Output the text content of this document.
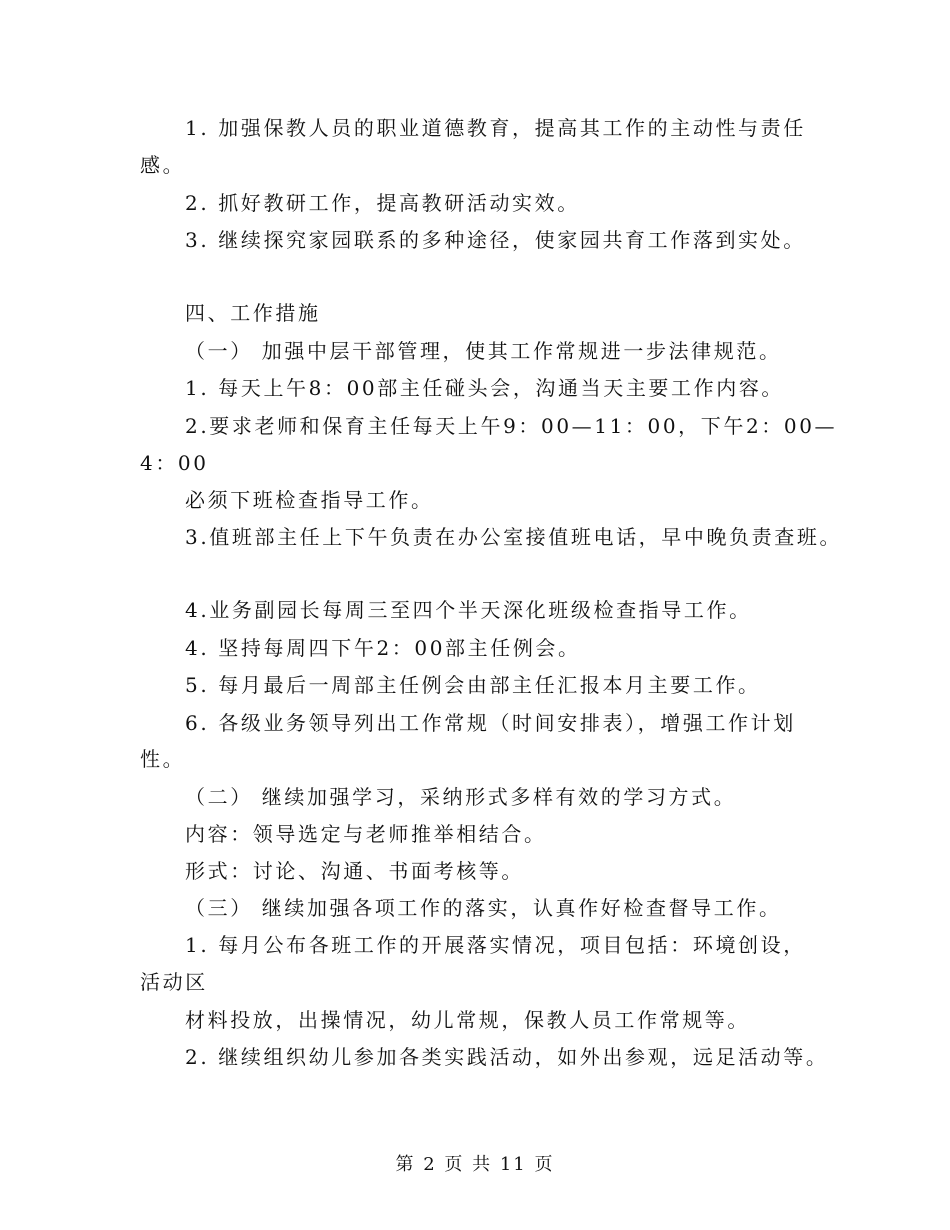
1. 加强保教人员的职业道德教育，提高其工作的主动性与责任
感。
2. 抓好教研工作，提高教研活动实效。
3. 继续探究家园联系的多种途径，使家园共育工作落到实处。
四、工作措施
（一） 加强中层干部管理，使其工作常规进一步法律规范。
1. 每天上午8：00部主任碰头会，沟通当天主要工作内容。
2.要求老师和保育主任每天上午9：00—11：00，下午2：00—
4：00
必须下班检查指导工作。
3.值班部主任上下午负责在办公室接值班电话，早中晚负责查班。
4.业务副园长每周三至四个半天深化班级检查指导工作。
4. 坚持每周四下午2：00部主任例会。
5. 每月最后一周部主任例会由部主任汇报本月主要工作。
6. 各级业务领导列出工作常规（时间安排表），增强工作计划
性。
（二） 继续加强学习，采纳形式多样有效的学习方式。
内容：领导选定与老师推举相结合。
形式：讨论、沟通、书面考核等。
（三） 继续加强各项工作的落实，认真作好检查督导工作。
1. 每月公布各班工作的开展落实情况，项目包括：环境创设，
活动区
材料投放，出操情况，幼儿常规，保教人员工作常规等。
2. 继续组织幼儿参加各类实践活动，如外出参观，远足活动等。
第 2 页 共 11 页
